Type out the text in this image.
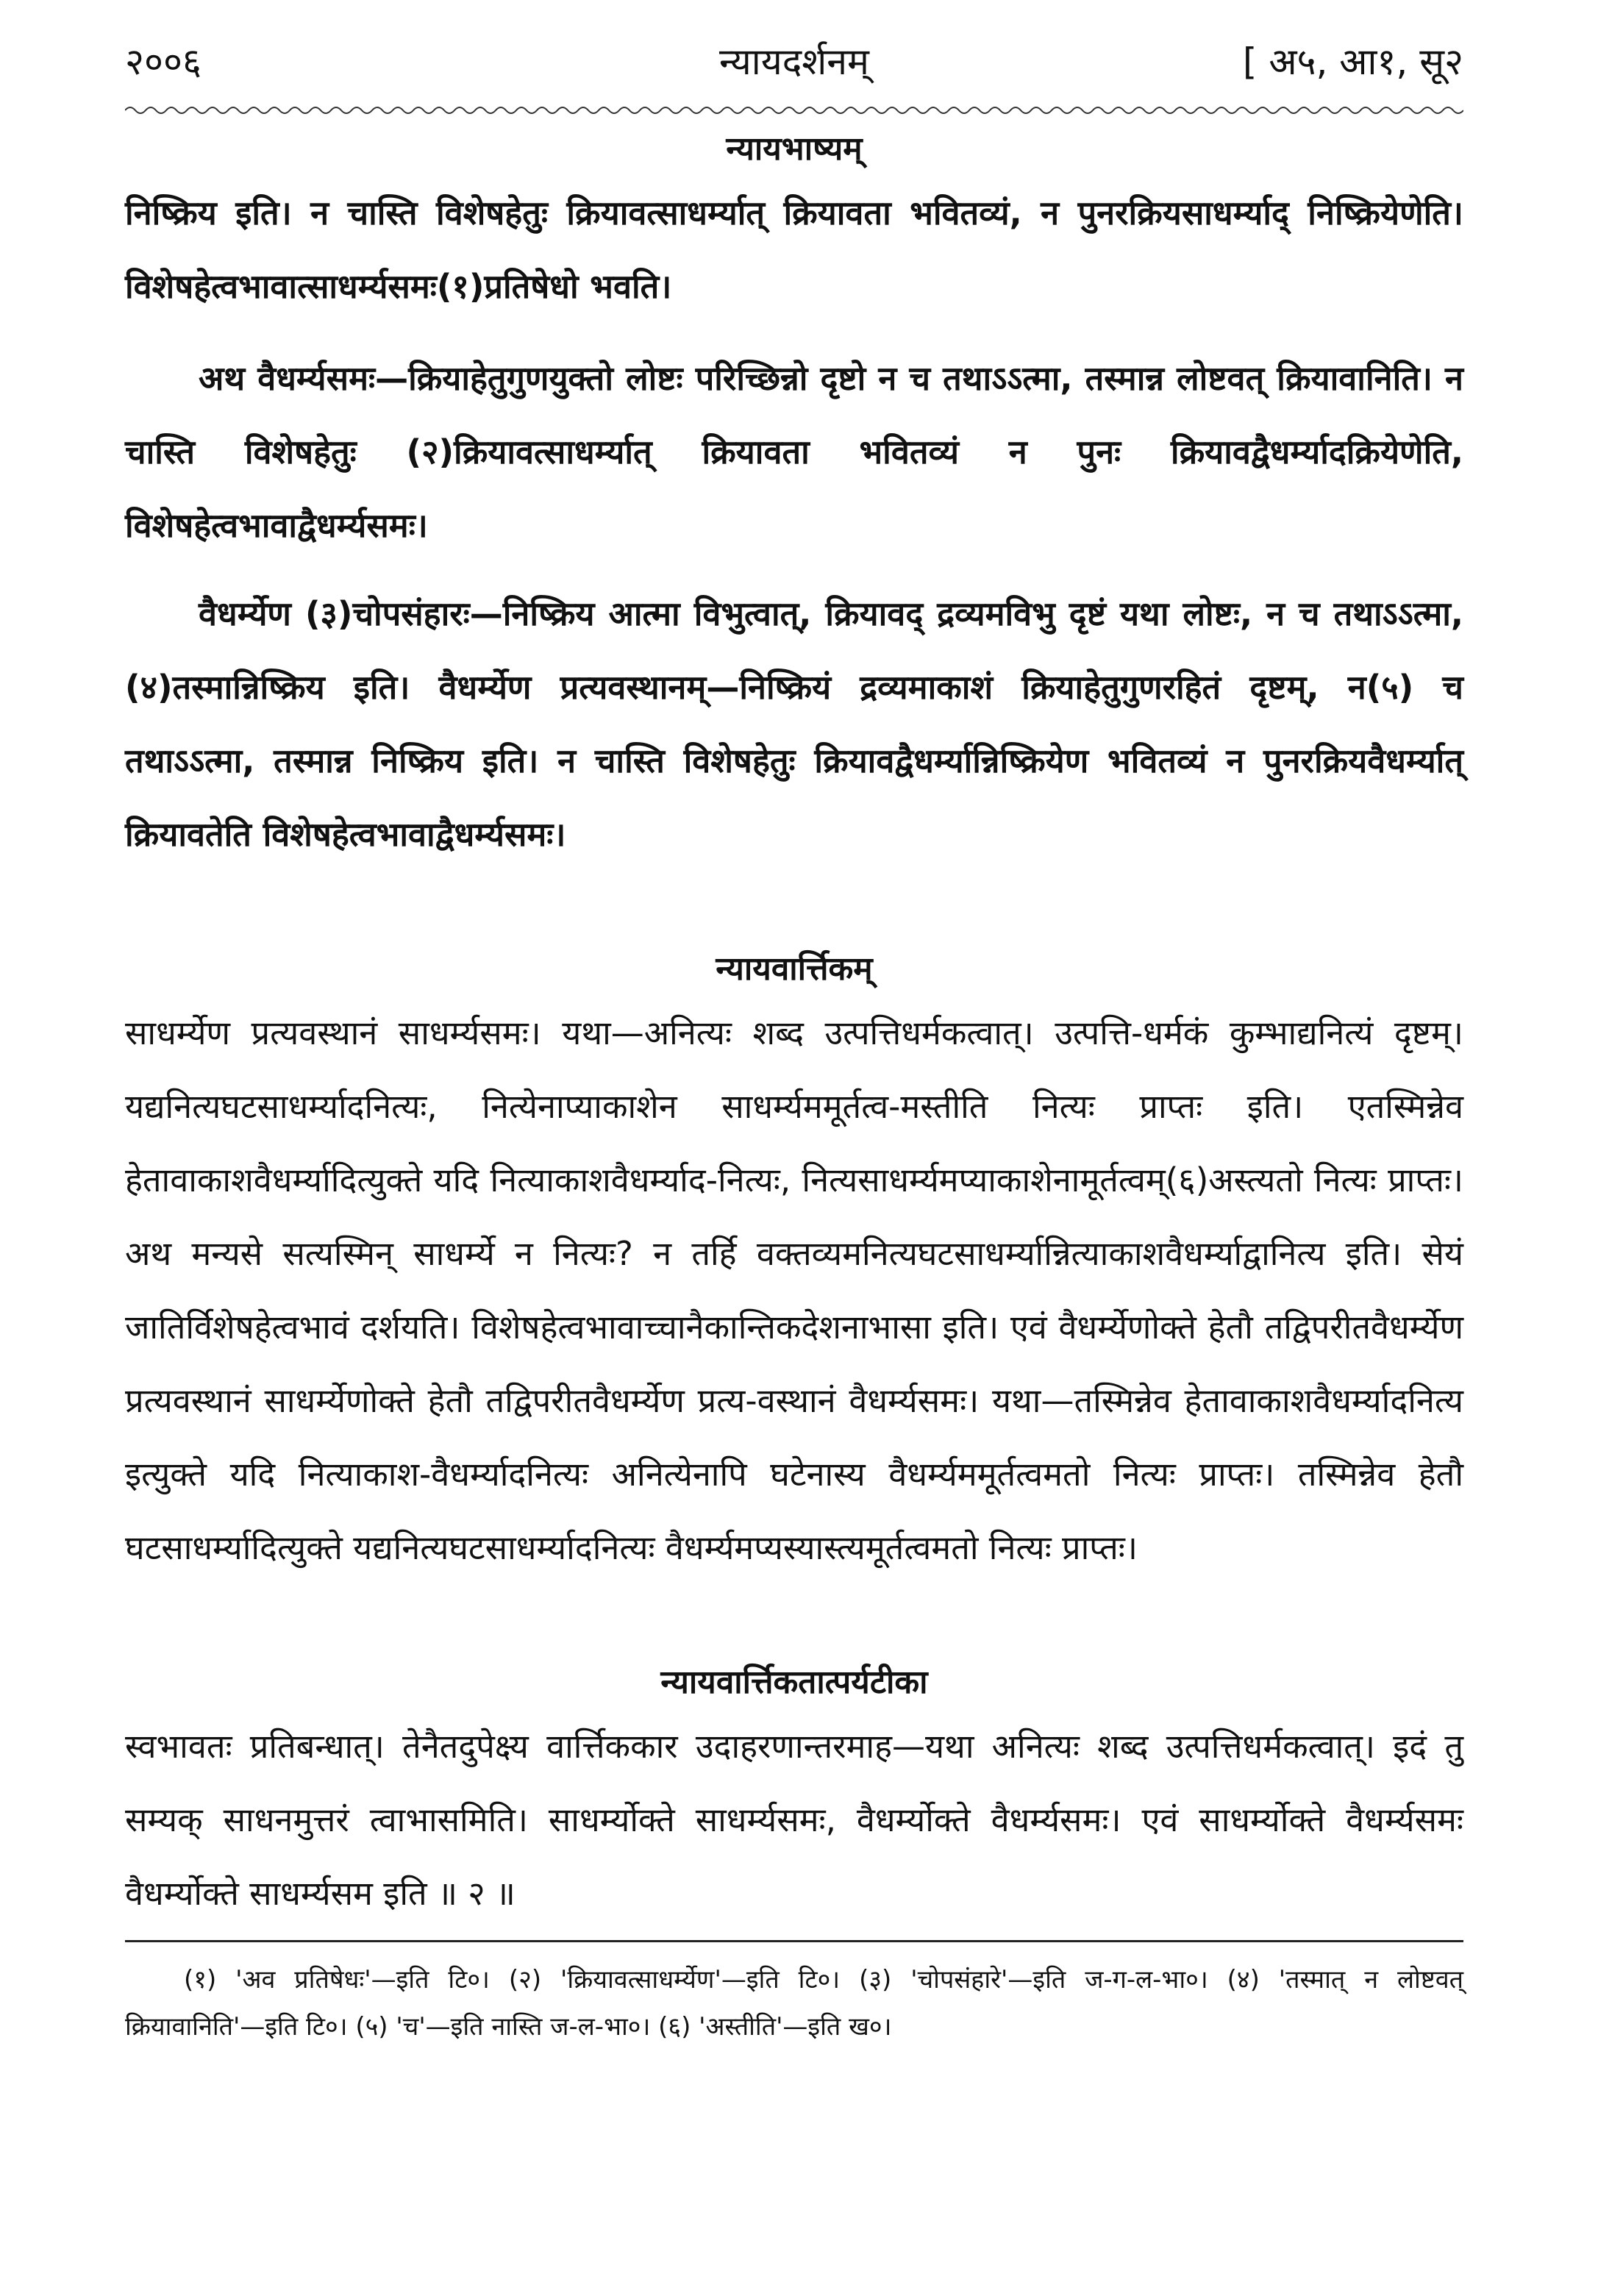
२००६	न्यायदर्शनम्	[ अ५, आ१, सू२
न्यायभाष्यम्
निष्क्रिय इति। न चास्ति विशेषहेतुः क्रियावत्साधर्म्यात् क्रियावता भवितव्यं, न पुनरक्रियसाधर्म्याद् निष्क्रियेणेति। विशेषहेत्वभावात्साधर्म्यसमः(१)प्रतिषेधो भवति।
अथ वैधर्म्यसमः—क्रियाहेतुगुणयुक्तो लोष्टः परिच्छिन्नो दृष्टो न च तथाऽऽत्मा, तस्मान्न लोष्टवत् क्रियावानिति। न चास्ति विशेषहेतुः (२)क्रियावत्साधर्म्यात् क्रियावता भवितव्यं न पुनः क्रियावद्वैधर्म्यादक्रियेणेति, विशेषहेत्वभावाद्वैधर्म्यसमः।
वैधर्म्येण (३)चोपसंहारः—निष्क्रिय आत्मा विभुत्वात्, क्रियावद् द्रव्यमविभु दृष्टं यथा लोष्टः, न च तथाऽऽत्मा, (४)तस्मान्निष्क्रिय इति। वैधर्म्येण प्रत्यवस्थानम्—निष्क्रियं द्रव्यमाकाशं क्रियाहेतुगुणरहितं दृष्टम्, न(५) च तथाऽऽत्मा, तस्मान्न निष्क्रिय इति। न चास्ति विशेषहेतुः क्रियावद्वैधर्म्यान्निष्क्रियेण भवितव्यं न पुनरक्रियवैधर्म्यात् क्रियावतेति विशेषहेत्वभावाद्वैधर्म्यसमः।
न्यायवार्त्तिकम्
साधर्म्येण प्रत्यवस्थानं साधर्म्यसमः। यथा—अनित्यः शब्द उत्पत्तिधर्मकत्वात्। उत्पत्ति-धर्मकं कुम्भाद्यनित्यं दृष्टम्। यद्यनित्यघटसाधर्म्यादनित्यः, नित्येनाप्याकाशेन साधर्म्यममूर्तत्व-मस्तीति नित्यः प्राप्तः इति। एतस्मिन्नेव हेतावाकाशवैधर्म्यादित्युक्ते यदि नित्याकाशवैधर्म्याद-नित्यः, नित्यसाधर्म्यमप्याकाशेनामूर्तत्वम्(६)अस्त्यतो नित्यः प्राप्तः। अथ मन्यसे सत्यस्मिन् साधर्म्ये न नित्यः? न तर्हि वक्तव्यमनित्यघटसाधर्म्यान्नित्याकाशवैधर्म्याद्वानित्य इति। सेयं जातिर्विशेषहेत्वभावं दर्शयति। विशेषहेत्वभावाच्चानैकान्तिकदेशनाभासा इति। एवं वैधर्म्येणोक्ते हेतौ तद्विपरीतवैधर्म्येण प्रत्यवस्थानं साधर्म्येणोक्ते हेतौ तद्विपरीतवैधर्म्येण प्रत्य-वस्थानं वैधर्म्यसमः। यथा—तस्मिन्नेव हेतावाकाशवैधर्म्यादनित्य इत्युक्ते यदि नित्याकाश-वैधर्म्यादनित्यः अनित्येनापि घटेनास्य वैधर्म्यममूर्तत्वमतो नित्यः प्राप्तः। तस्मिन्नेव हेतौ घटसाधर्म्यादित्युक्ते यद्यनित्यघटसाधर्म्यादनित्यः वैधर्म्यमप्यस्यास्त्यमूर्तत्वमतो नित्यः प्राप्तः।
न्यायवार्त्तिकतात्पर्यटीका
स्वभावतः प्रतिबन्धात्। तेनैतदुपेक्ष्य वार्त्तिककार उदाहरणान्तरमाह—यथा अनित्यः शब्द उत्पत्तिधर्मकत्वात्। इदं तु सम्यक् साधनमुत्तरं त्वाभासमिति। साधर्म्योक्ते साधर्म्यसमः, वैधर्म्योक्ते वैधर्म्यसमः। एवं साधर्म्योक्ते वैधर्म्यसमः वैधर्म्योक्ते साधर्म्यसम इति ॥ २ ॥
(१) 'अव प्रतिषेधः'—इति टि०। (२) 'क्रियावत्साधर्म्येण'—इति टि०। (३) 'चोपसंहारे'—इति ज-ग-ल-भा०। (४) 'तस्मात् न लोष्टवत् क्रियावानिति'—इति टि०। (५) 'च'—इति नास्ति ज-ल-भा०। (६) 'अस्तीति'—इति ख०।
